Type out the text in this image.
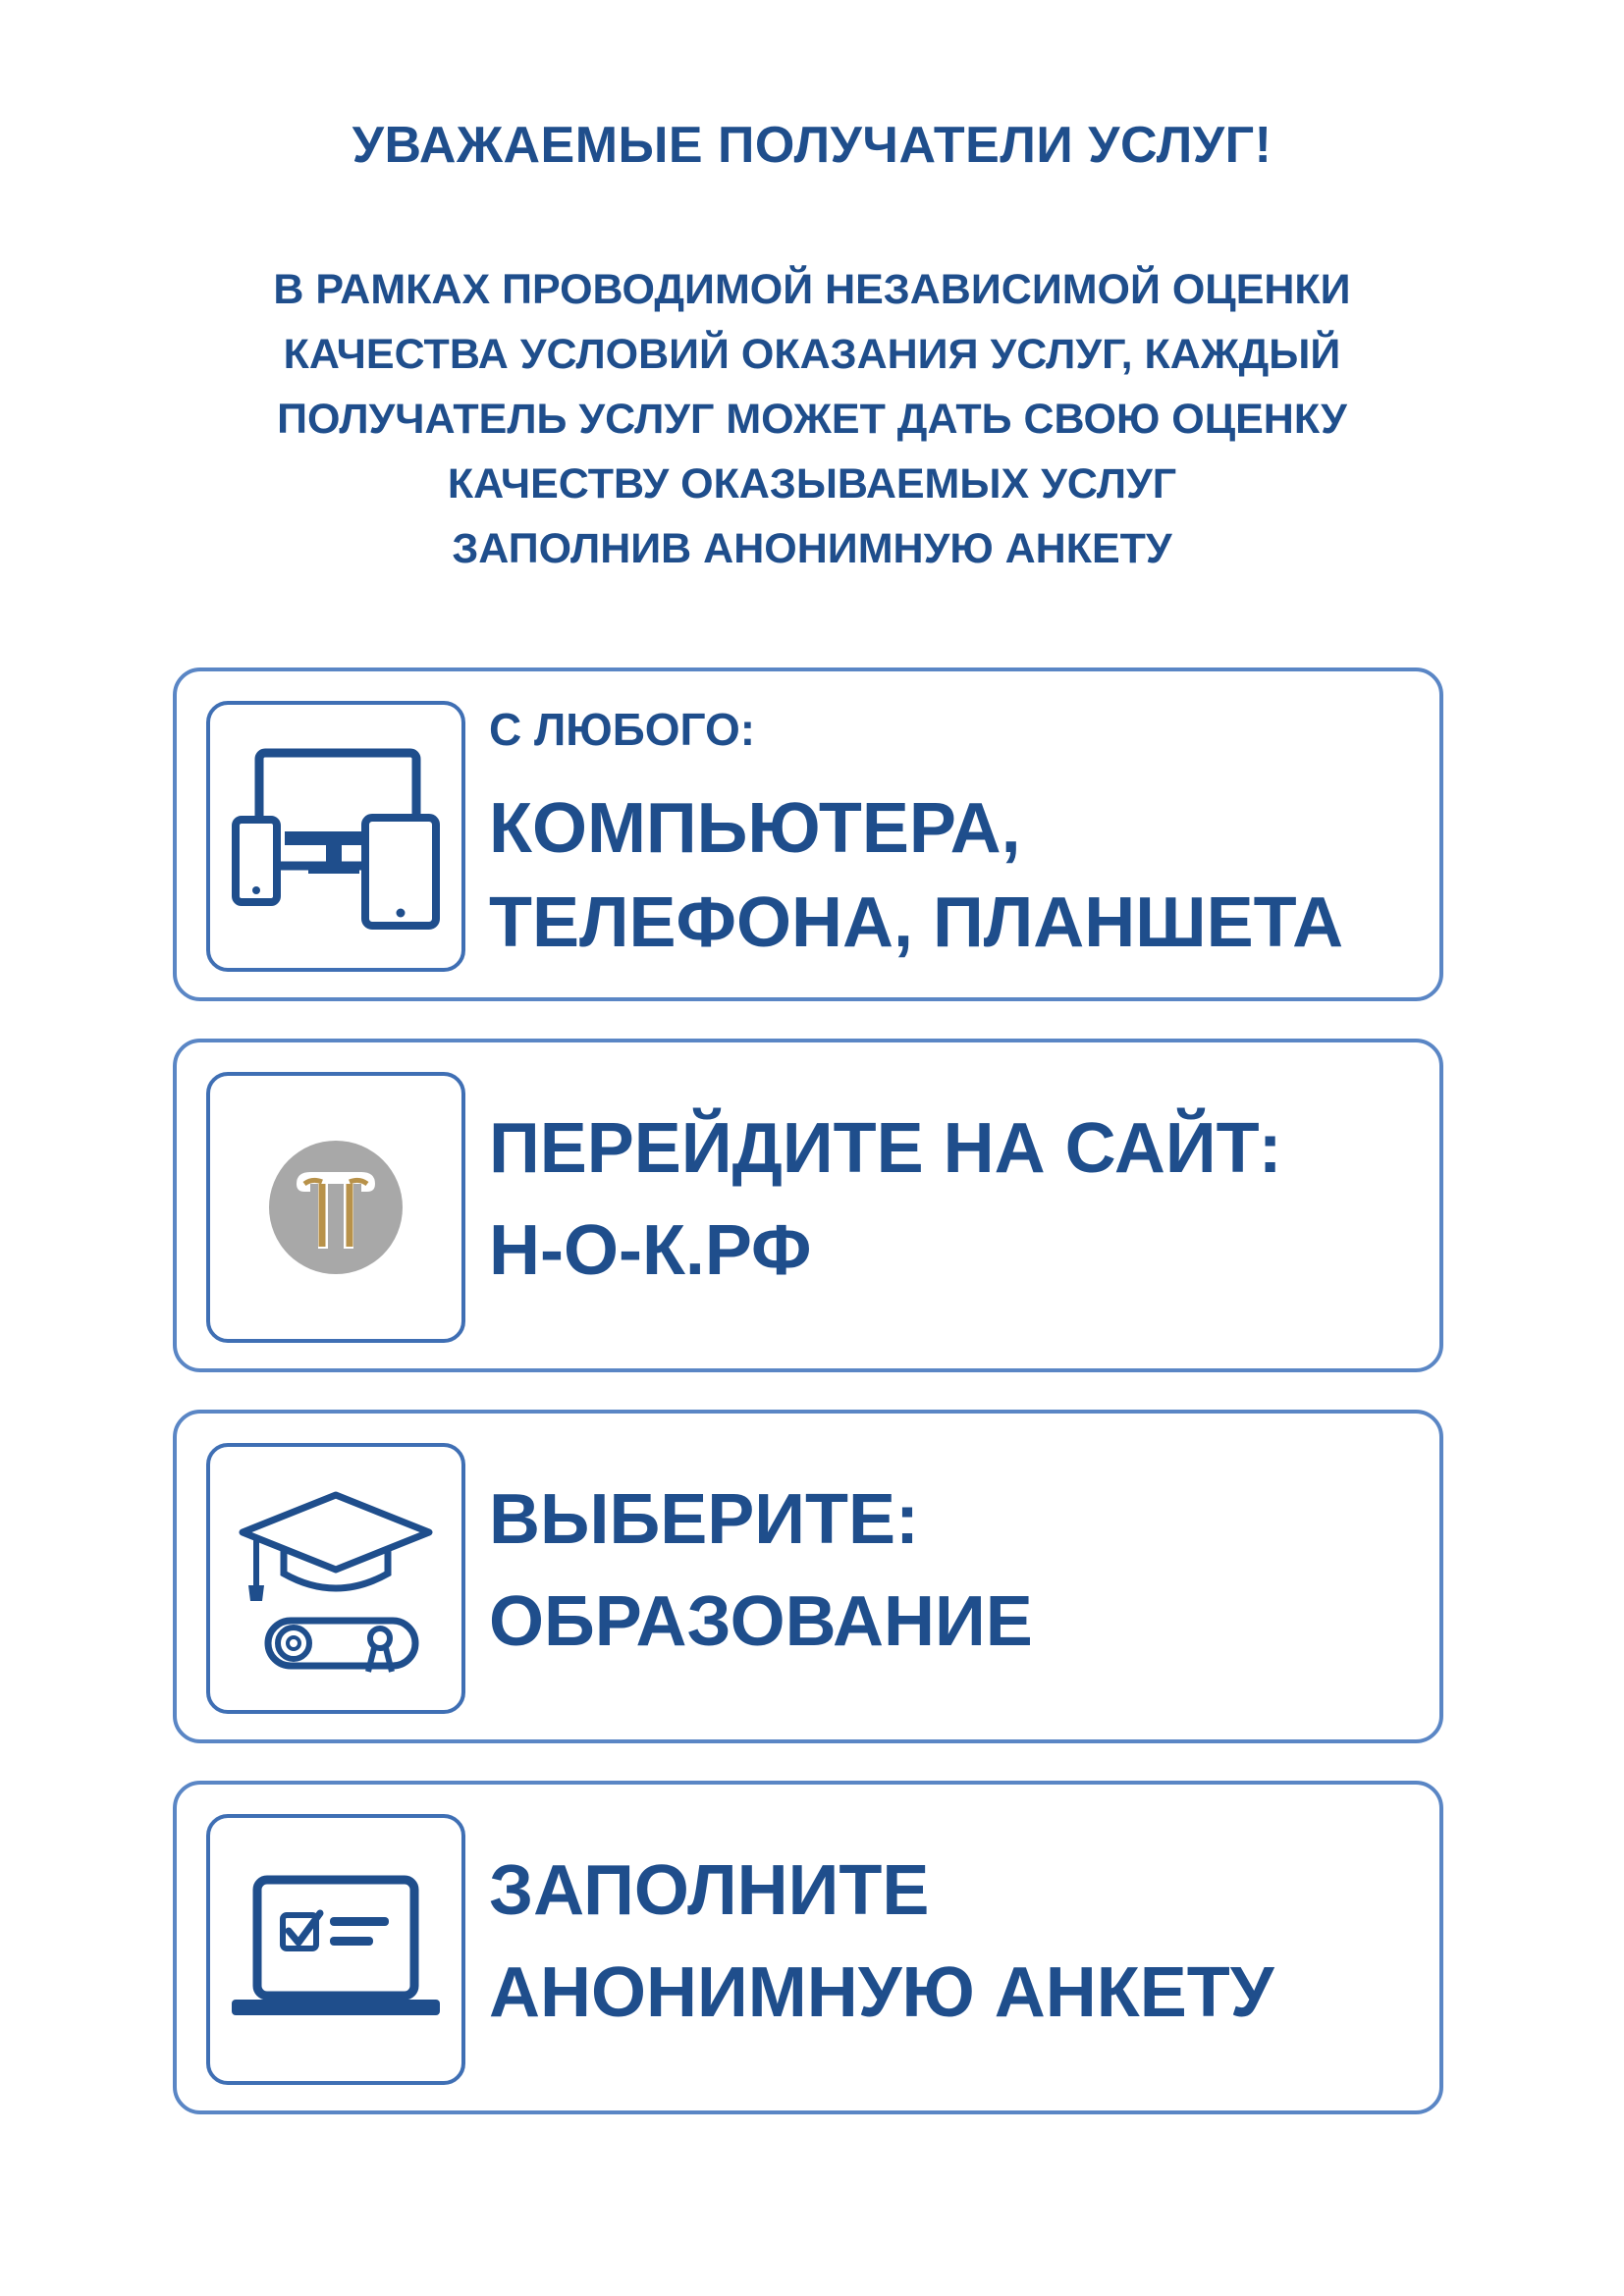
УВАЖАЕМЫЕ ПОЛУЧАТЕЛИ УСЛУГ!
В РАМКАХ ПРОВОДИМОЙ НЕЗАВИСИМОЙ ОЦЕНКИ
КАЧЕСТВА УСЛОВИЙ ОКАЗАНИЯ УСЛУГ, КАЖДЫЙ
ПОЛУЧАТЕЛЬ УСЛУГ МОЖЕТ ДАТЬ СВОЮ ОЦЕНКУ
КАЧЕСТВУ ОКАЗЫВАЕМЫХ УСЛУГ
ЗАПОЛНИВ АНОНИМНУЮ АНКЕТУ
С ЛЮБОГО:
КОМПЬЮТЕРА,
ТЕЛЕФОНА, ПЛАНШЕТА
ПЕРЕЙДИТЕ НА САЙТ:
Н-О-К.РФ
ВЫБЕРИТЕ:
ОБРАЗОВАНИЕ
ЗАПОЛНИТЕ
АНОНИМНУЮ АНКЕТУ
